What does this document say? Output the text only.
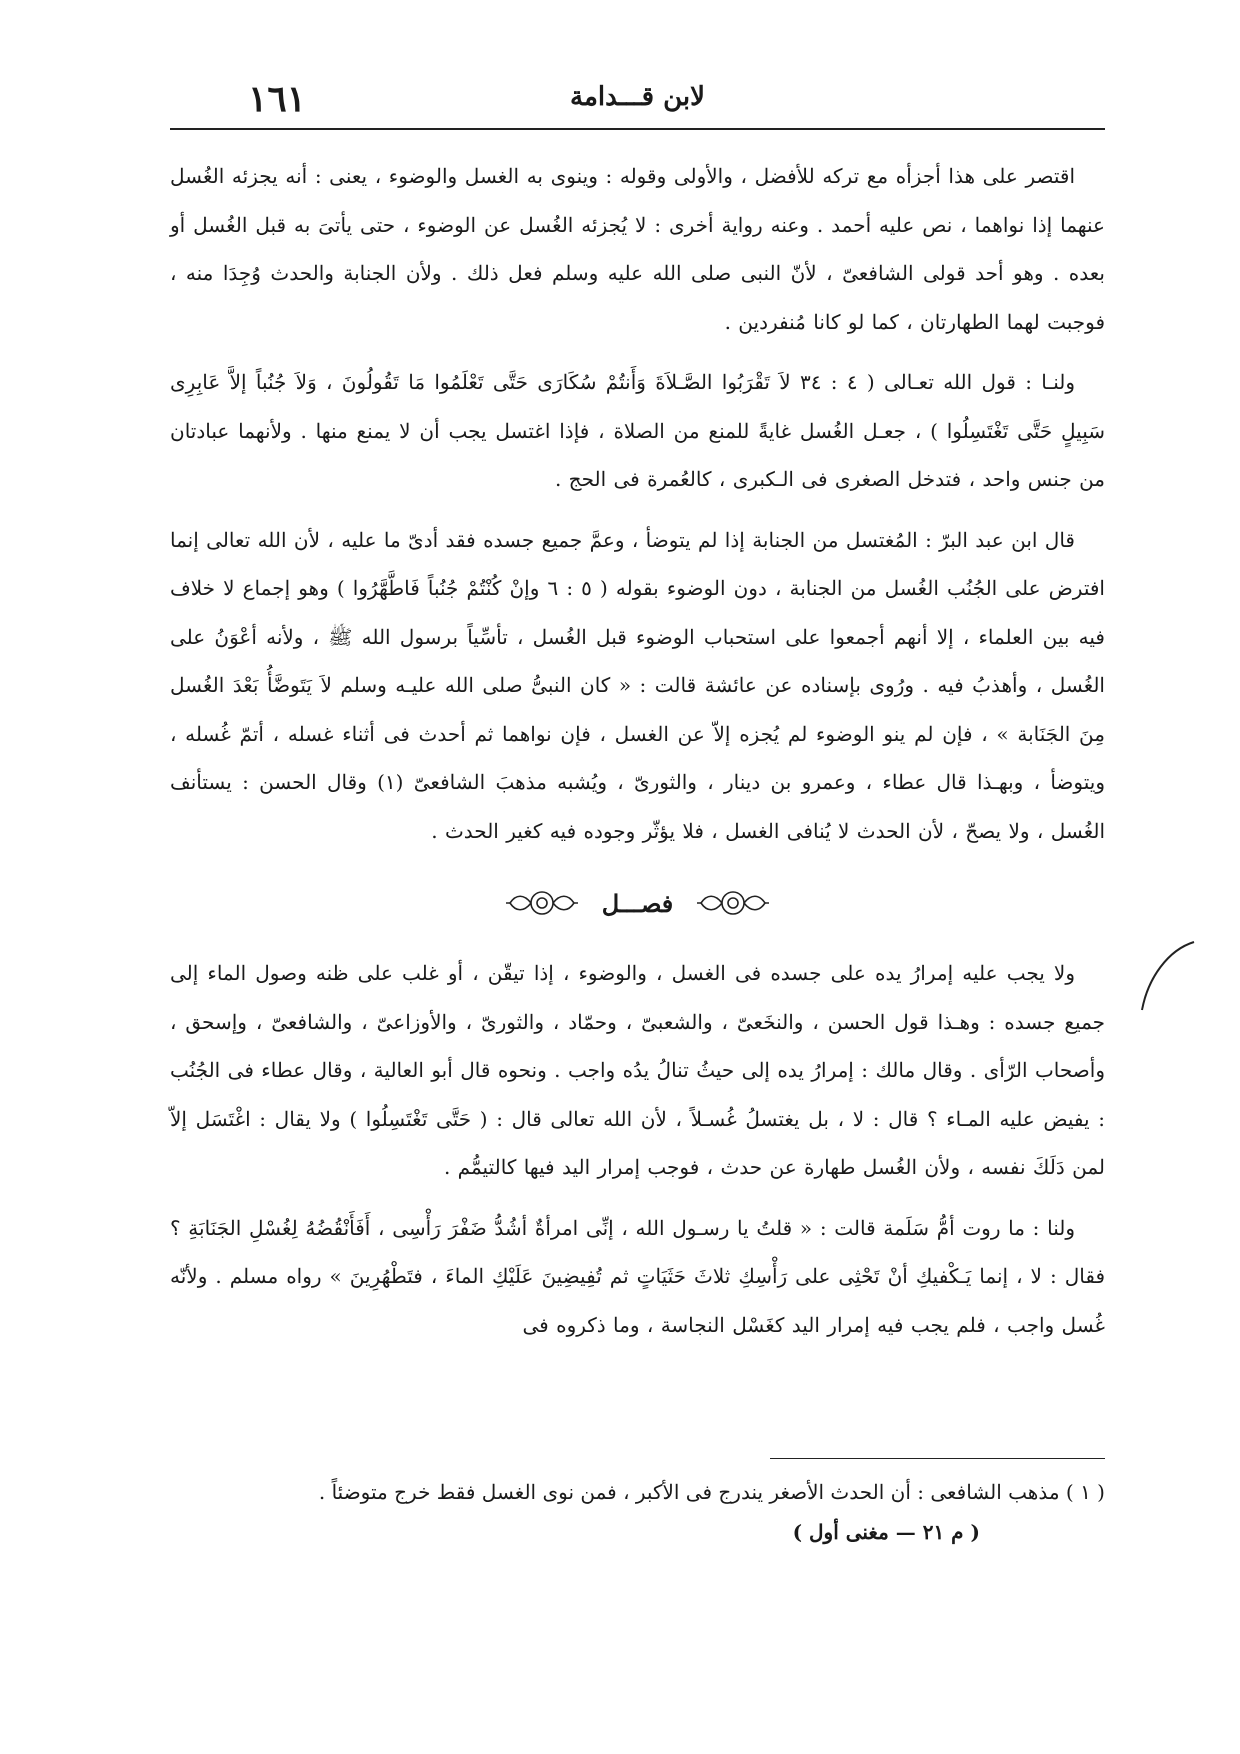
لابن قـــدامة
١٦١

اقتصر على هذا أجزأه مع تركه للأفضل ، والأولى وقوله : وينوى به الغسل والوضوء ، يعنى : أنه يجزئه الغُسل عنهما إذا نواهما ، نص عليه أحمد . وعنه رواية أخرى : لا يُجزئه الغُسل عن الوضوء ، حتى يأتىَ به قبل الغُسل أو بعده . وهو أحد قولى الشافعىّ ، لأنّ النبى صلى الله عليه وسلم فعل ذلك . ولأن الجنابة والحدث وُجِدَا منه ، فوجبت لهما الطهارتان ، كما لو كانا مُنفردين .

ولنـا : قول الله تعـالى ( ٤ : ٣٤ لاَ تَقْرَبُوا الصَّـلاَةَ وَأَنتُمْ سُكَارَى حَتَّى تَعْلَمُوا مَا تَقُولُونَ ، وَلاَ جُنُباً إلاَّ عَابِرِى سَبِيلٍ حَتَّى تَغْتَسِلُوا ) ، جعـل الغُسل غايةً للمنع من الصلاة ، فإذا اغتسل يجب أن لا يمنع منها . ولأنهما عبادتان من جنس واحد ، فتدخل الصغرى فى الـكبرى ، كالعُمرة فى الحج .

قال ابن عبد البرّ : المُغتسل من الجنابة إذا لم يتوضأ ، وعمَّ جميع جسده فقد أدىّ ما عليه ، لأن الله تعالى إنما افترض على الجُنُب الغُسل من الجنابة ، دون الوضوء بقوله ( ٥ : ٦ وإنْ كُنْتُمْ جُنُباً فَاطَّهَّرُوا ) وهو إجماع لا خلاف فيه بين العلماء ، إلا أنهم أجمعوا على استحباب الوضوء قبل الغُسل ، تأسِّياً برسول الله ﷺ ، ولأنه أعْوَنُ على الغُسل ، وأهذبُ فيه . ورُوى بإسناده عن عائشة قالت : « كان النبىُّ صلى الله عليـه وسلم لاَ يَتَوضَّأُ بَعْدَ الغُسل مِنَ الجَنَابة » ، فإن لم ينو الوضوء لم يُجزه إلاّ عن الغسل ، فإن نواهما ثم أحدث فى أثناء غسله ، أتمّ غُسله ، ويتوضأ ، وبهـذا قال عطاء ، وعمرو بن دينار ، والثورىّ ، ويُشبه مذهبَ الشافعىّ (١) وقال الحسن : يستأنف الغُسل ، ولا يصحّ ، لأن الحدث لا يُنافى الغسل ، فلا يؤثّر وجوده فيه كغير الحدث .

فصـــل

ولا يجب عليه إمرارُ يده على جسده فى الغسل ، والوضوء ، إذا تيقّن ، أو غلب على ظنه وصول الماء إلى جميع جسده : وهـذا قول الحسن ، والنخَعىّ ، والشعبىّ ، وحمّاد ، والثورىّ ، والأوزاعىّ ، والشافعىّ ، وإسحق ، وأصحاب الرّأى . وقال مالك : إمرارُ يده إلى حيثُ تنالُ يدُه واجب . ونحوه قال أبو العالية ، وقال عطاء فى الجُنُب : يفيض عليه المـاء ؟ قال : لا ، بل يغتسلُ غُسـلاً ، لأن الله تعالى قال : ( حَتَّى تَغْتَسِلُوا ) ولا يقال : اغْتَسَل إلاّ لمن دَلَكَ نفسه ، ولأن الغُسل طهارة عن حدث ، فوجب إمرار اليد فيها كالتيمُّم .

ولنا : ما روت أمُّ سَلَمة قالت : « قلتُ يا رسـول الله ، إنِّى امرأةٌ أشُدُّ ضَفْرَ رَأْسِى ، أَفَأَنْقُضُهُ لِغُسْلِ الجَنَابَةِ ؟ فقال : لا ، إنما يَـكْفيكِ أنْ تَحْثِى على رَأْسِكِ ثلاثَ حَثَيَاتٍ ثم تُفِيضِينَ عَلَيْكِ الماءَ ، فتَطْهُرِينَ » رواه مسلم . ولأنّه غُسل واجب ، فلم يجب فيه إمرار اليد كغَسْل النجاسة ، وما ذكروه فى

( ١ ) مذهب الشافعى : أن الحدث الأصغر يندرج فى الأكبر ، فمن نوى الغسل فقط خرج متوضئاً .
( م ٢١ — مغنى أول )
